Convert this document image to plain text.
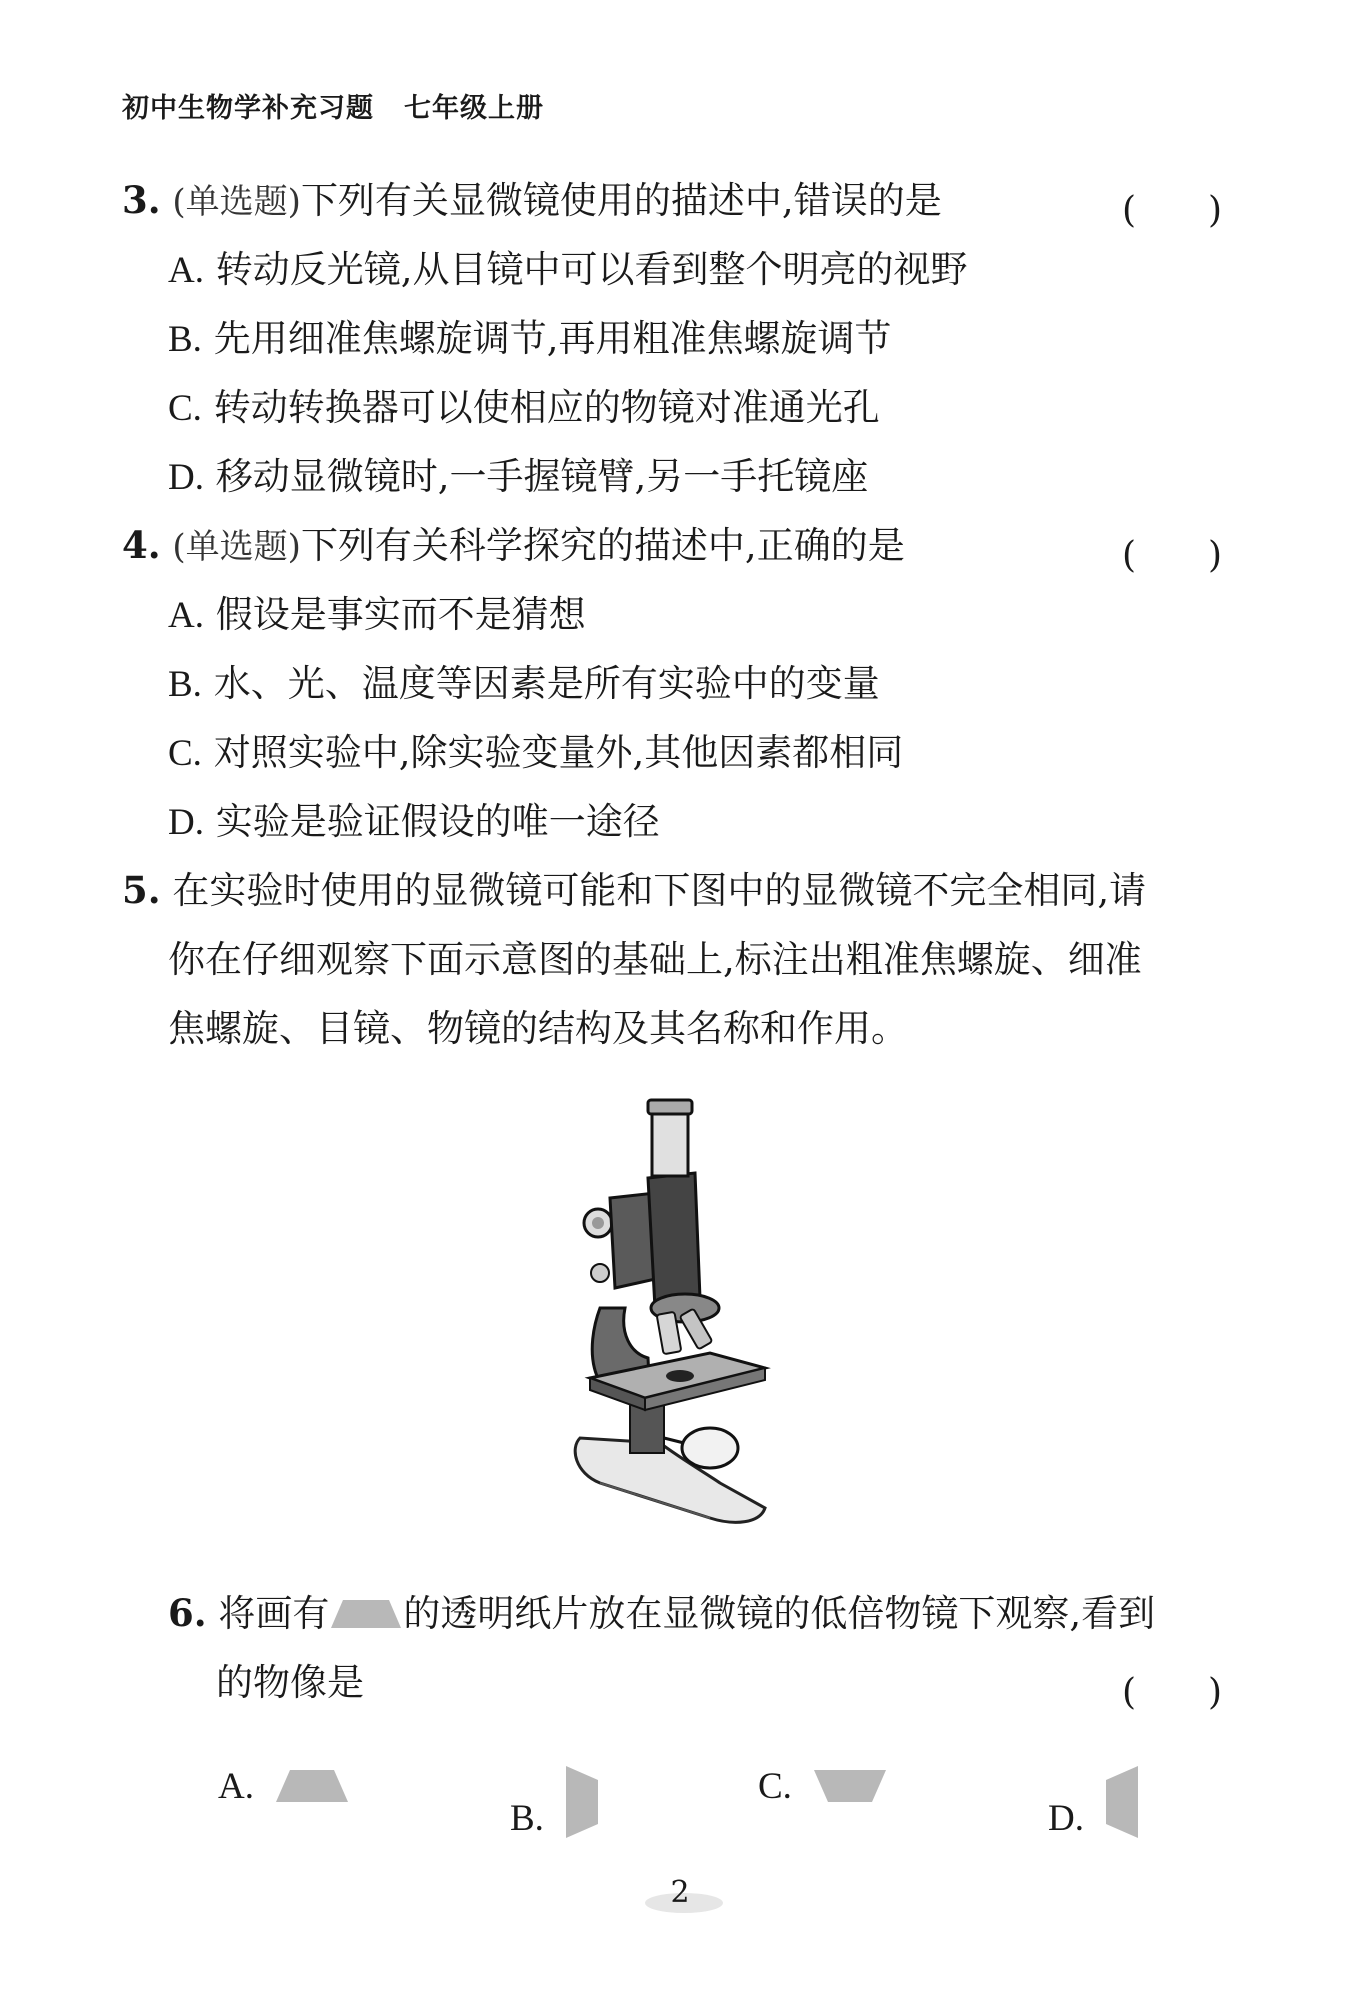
初中生物学补充习题 七年级上册
3. (单选题)下列有关显微镜使用的描述中,错误的是	(　　)
A. 转动反光镜,从目镜中可以看到整个明亮的视野
B. 先用细准焦螺旋调节,再用粗准焦螺旋调节
C. 转动转换器可以使相应的物镜对准通光孔
D. 移动显微镜时,一手握镜臂,另一手托镜座
4. (单选题)下列有关科学探究的描述中,正确的是	(　　)
A. 假设是事实而不是猜想
B. 水、光、温度等因素是所有实验中的变量
C. 对照实验中,除实验变量外,其他因素都相同
D. 实验是验证假设的唯一途径
5. 在实验时使用的显微镜可能和下图中的显微镜不完全相同,请
你在仔细观察下面示意图的基础上,标注出粗准焦螺旋、细准
焦螺旋、目镜、物镜的结构及其名称和作用。
6. 将画有 的透明纸片放在显微镜的低倍物镜下观察,看到
的物像是	(　　)
A.
B.
C.
D.
2
